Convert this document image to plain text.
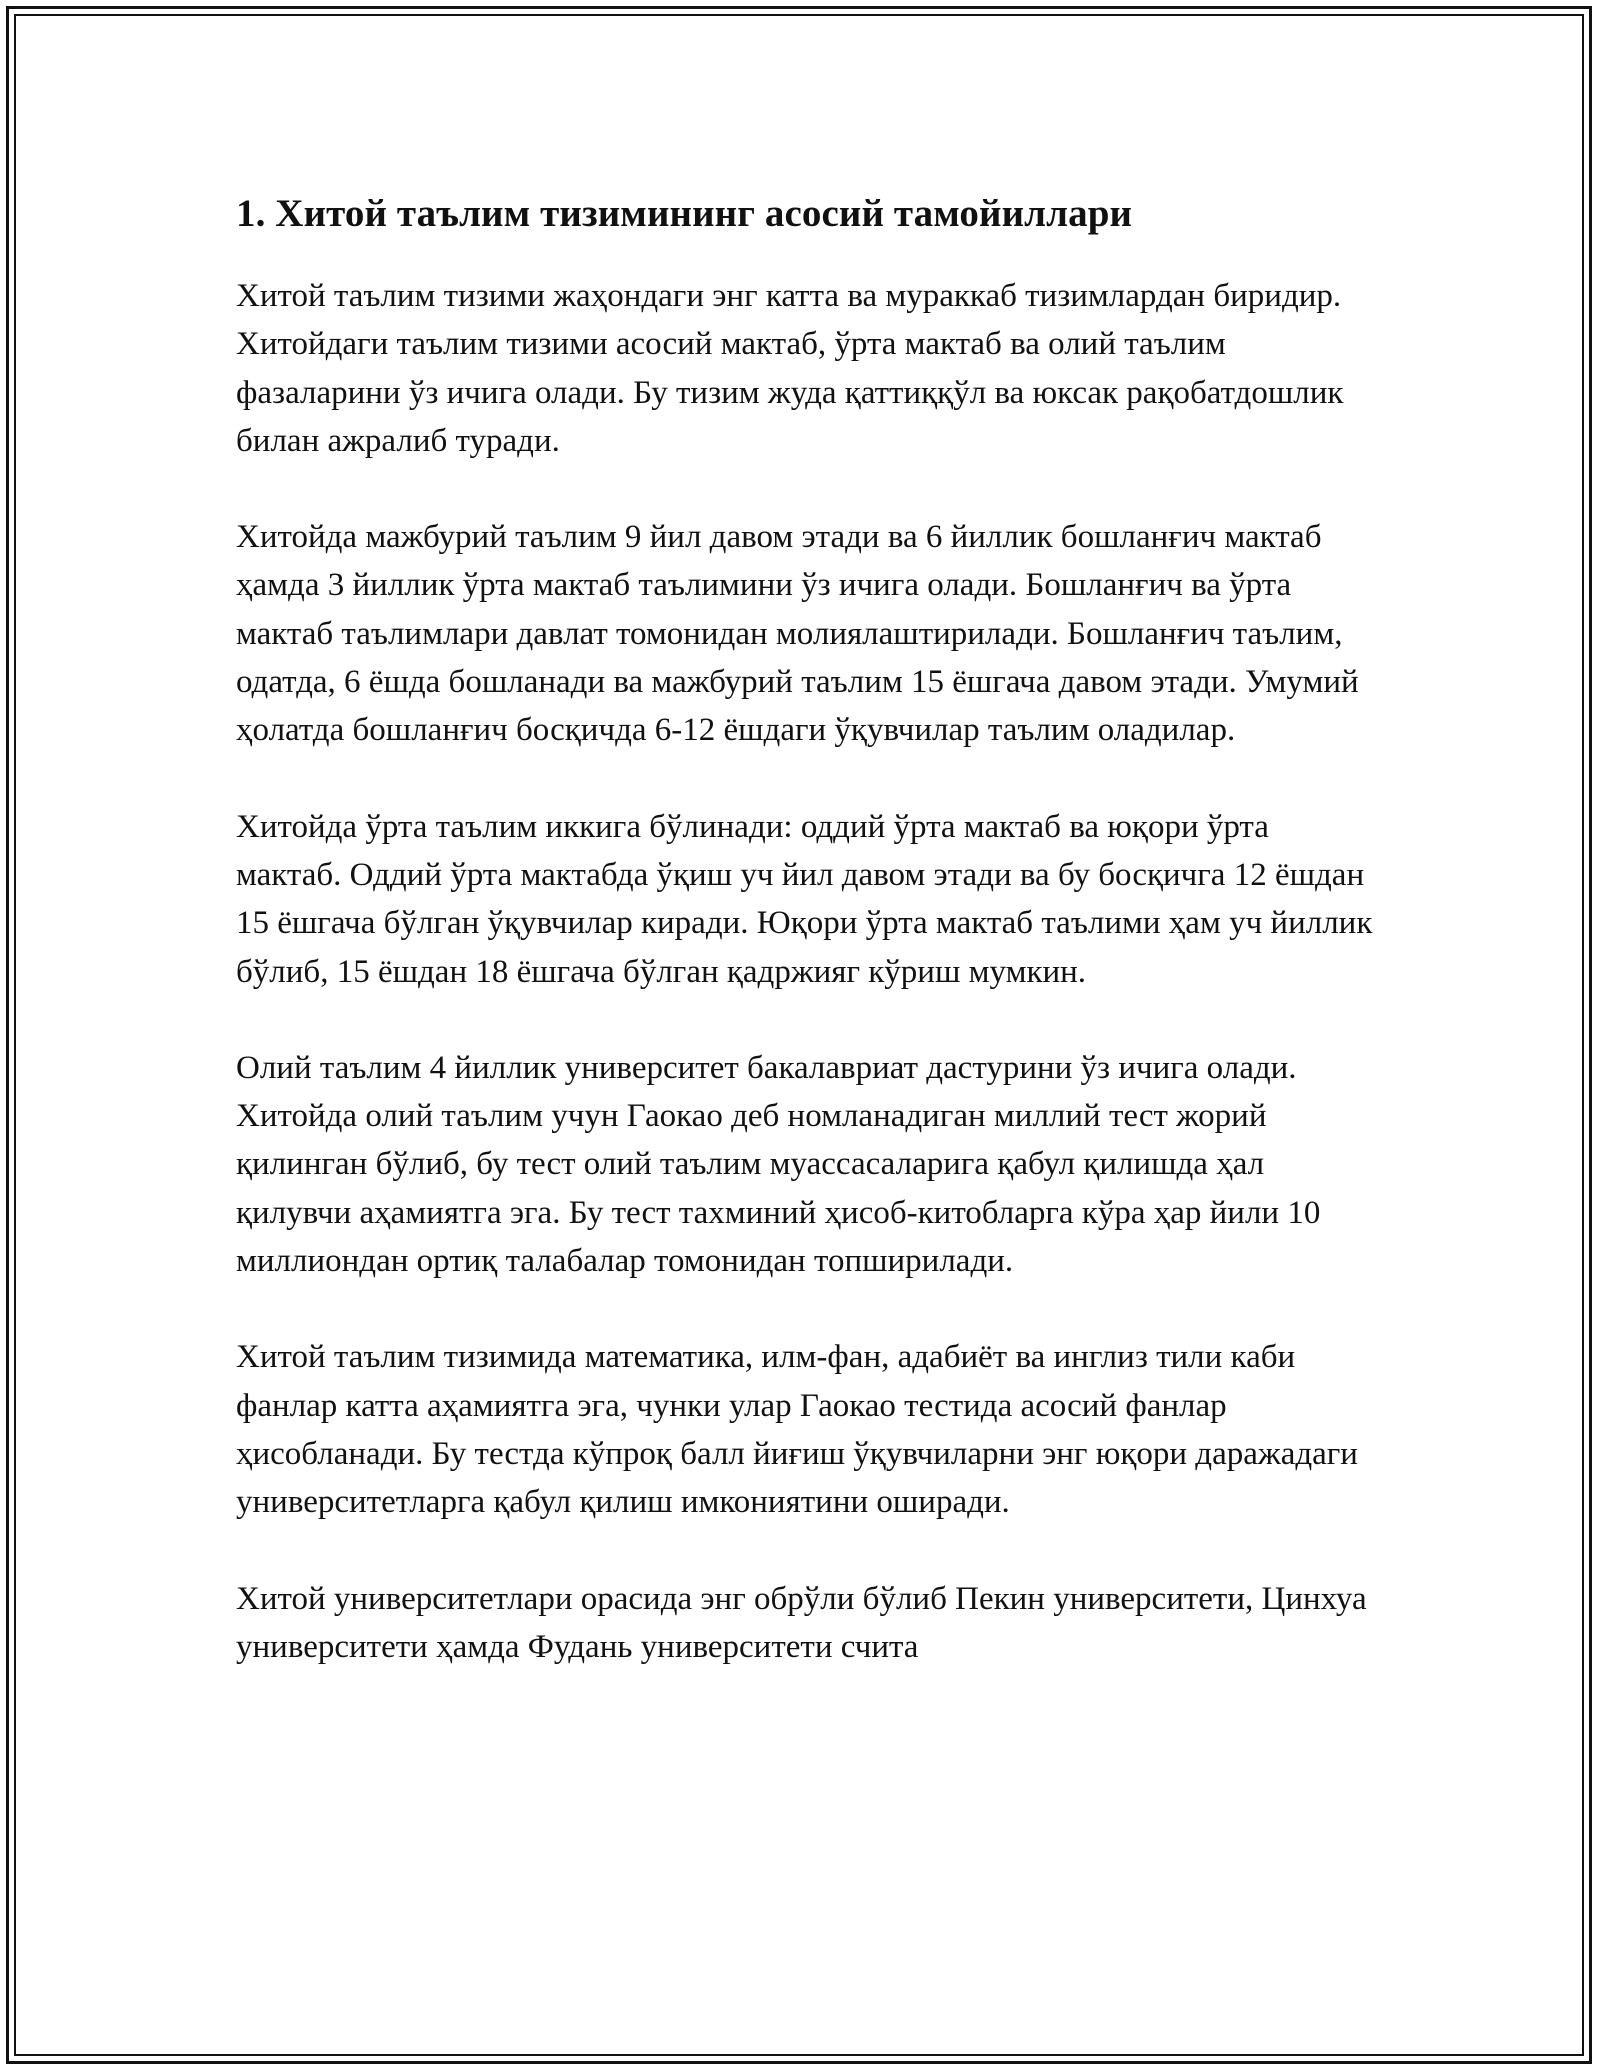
1. Хитой таълим тизимининг асосий тамойиллари

Хитой таълим тизими жаҳондаги энг катта ва мураккаб тизимлардан биридир. Хитойдаги таълим тизими асосий мактаб, ўрта мактаб ва олий таълим фазаларини ўз ичига олади. Бу тизим жуда қаттиққўл ва юксак рақобатдошлик билан ажралиб туради.

Хитойда мажбурий таълим 9 йил давом этади ва 6 йиллик бошланғич мактаб ҳамда 3 йиллик ўрта мактаб таълимини ўз ичига олади. Бошланғич ва ўрта мактаб таълимлари давлат томонидан молиялаштирилади. Бошланғич таълим, одатда, 6 ёшда бошланади ва мажбурий таълим 15 ёшгача давом этади. Умумий ҳолатда бошланғич босқичда 6-12 ёшдаги ўқувчилар таълим оладилар.

Хитойда ўрта таълим иккига бўлинади: оддий ўрта мактаб ва юқори ўрта мактаб. Оддий ўрта мактабда ўқиш уч йил давом этади ва бу босқичга 12 ёшдан 15 ёшгача бўлган ўқувчилар киради. Юқори ўрта мактаб таълими ҳам уч йиллик бўлиб, 15 ёшдан 18 ёшгача бўлган қадржияг кўриш мумкин.

Олий таълим 4 йиллик университет бакалавриат дастурини ўз ичига олади. Хитойда олий таълим учун Гаокао деб номланадиган миллий тест жорий қилинган бўлиб, бу тест олий таълим муассасаларига қабул қилишда ҳал қилувчи аҳамиятга эга. Бу тест тахминий ҳисоб-китобларга кўра ҳар йили 10 миллиондан ортиқ талабалар томонидан топширилади.

Хитой таълим тизимида математика, илм-фан, адабиёт ва инглиз тили каби фанлар катта аҳамиятга эга, чунки улар Гаокао тестида асосий фанлар ҳисобланади. Бу тестда кўпроқ балл йиғиш ўқувчиларни энг юқори даражадаги университетларга қабул қилиш имкониятини оширади.

Хитой университетлари орасида энг обрўли бўлиб Пекин университети, Цинхуа университети ҳамда Фудань университети счита
